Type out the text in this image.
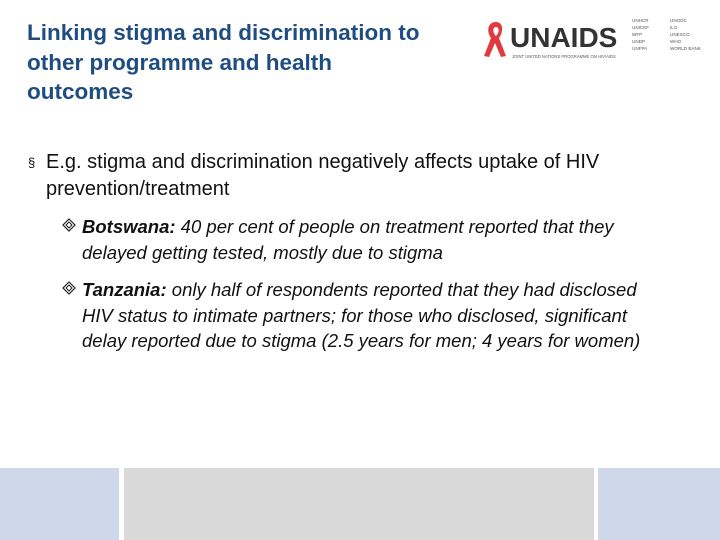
Linking stigma and discrimination to
other programme and health
outcomes
UNAIDS
JOINT UNITED NATIONS PROGRAMME ON HIV/AIDS
UNHCR
UNICEF
WFP
UNDP
UNFPA
UNODC
ILO
UNESCO
WHO
WORLD BANK
§ E.g. stigma and discrimination negatively affects uptake of HIV prevention/treatment
Botswana: 40 per cent of people on treatment reported that they delayed getting tested, mostly due to stigma
Tanzania: only half of respondents reported that they had disclosed HIV status to intimate partners; for those who disclosed, significant delay reported due to stigma (2.5 years for men; 4 years for women)
